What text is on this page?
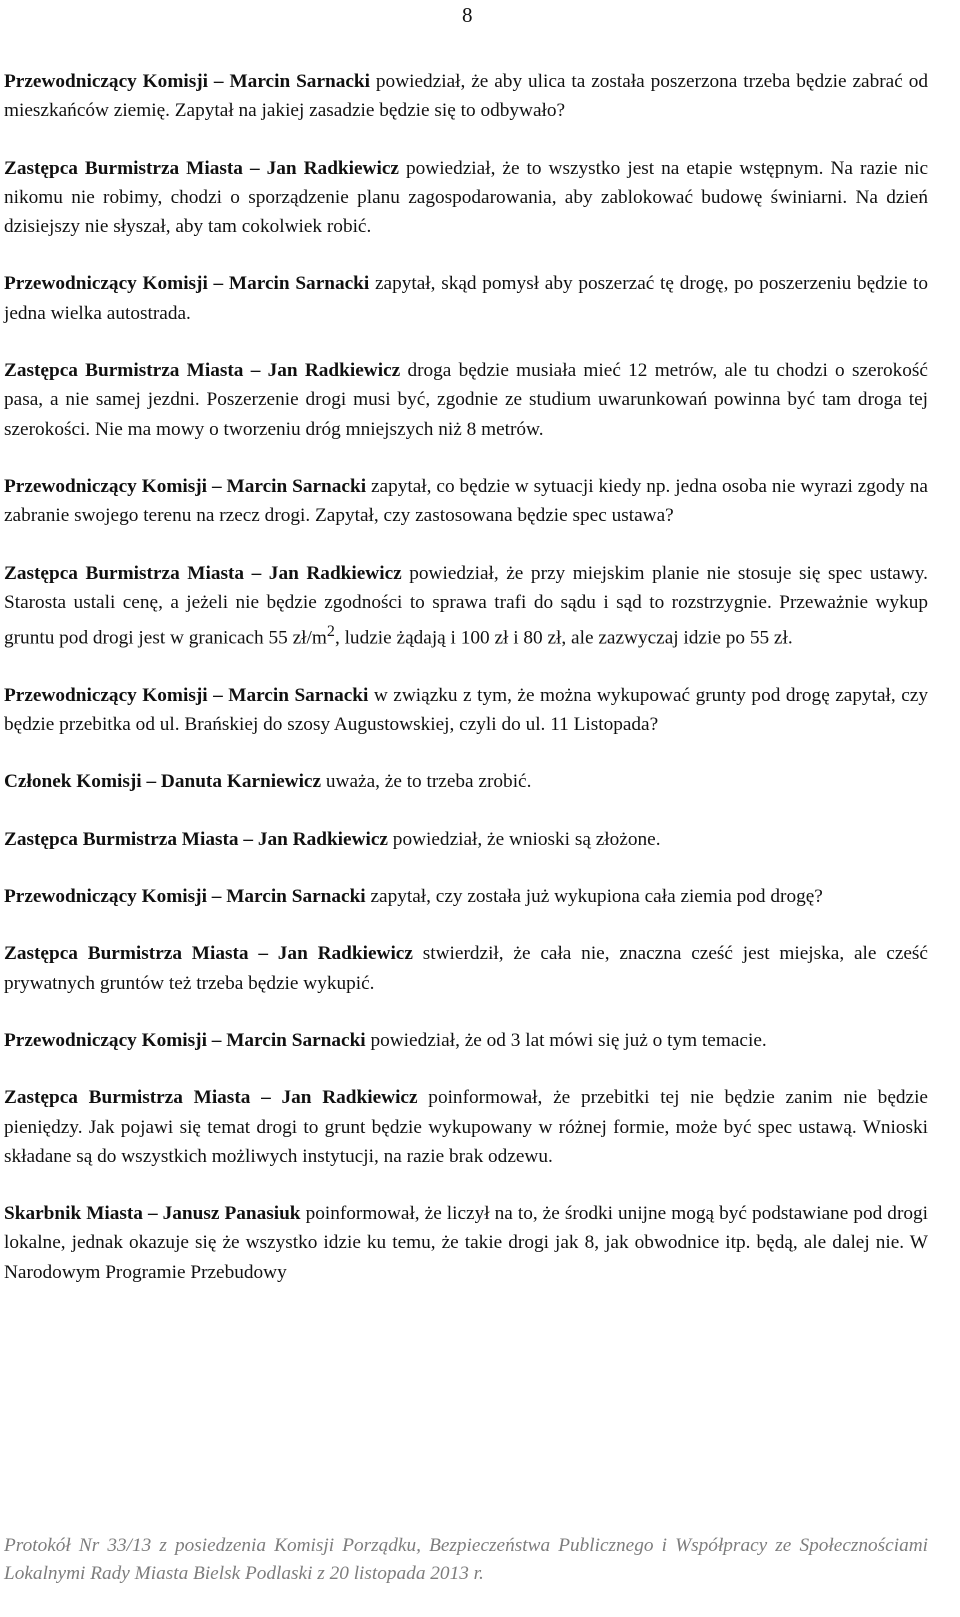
8

Przewodniczący Komisji – Marcin Sarnacki powiedział, że aby ulica ta została poszerzona trzeba będzie zabrać od mieszkańców ziemię. Zapytał na jakiej zasadzie będzie się to odbywało?

Zastępca Burmistrza Miasta – Jan Radkiewicz powiedział, że to wszystko jest na etapie wstępnym. Na razie nic nikomu nie robimy, chodzi o sporządzenie planu zagospodarowania, aby zablokować budowę świniarni. Na dzień dzisiejszy nie słyszał, aby tam cokolwiek robić.

Przewodniczący Komisji – Marcin Sarnacki zapytał, skąd pomysł aby poszerzać tę drogę, po poszerzeniu będzie to jedna wielka autostrada.

Zastępca Burmistrza Miasta – Jan Radkiewicz droga będzie musiała mieć 12 metrów, ale tu chodzi o szerokość pasa, a nie samej jezdni. Poszerzenie drogi musi być, zgodnie ze studium uwarunkowań powinna być tam droga tej szerokości. Nie ma mowy o tworzeniu dróg mniejszych niż 8 metrów.

Przewodniczący Komisji – Marcin Sarnacki zapytał, co będzie w sytuacji kiedy np. jedna osoba nie wyrazi zgody na zabranie swojego terenu na rzecz drogi. Zapytał, czy zastosowana będzie spec ustawa?

Zastępca Burmistrza Miasta – Jan Radkiewicz powiedział, że przy miejskim planie nie stosuje się spec ustawy. Starosta ustali cenę, a jeżeli nie będzie zgodności to sprawa trafi do sądu i sąd to rozstrzygnie. Przeważnie wykup gruntu pod drogi jest w granicach 55 $zł/m^2$, ludzie żądają i 100 zł i 80 zł, ale zazwyczaj idzie po 55 zł.

Przewodniczący Komisji – Marcin Sarnacki w związku z tym, że można wykupować grunty pod drogę zapytał, czy będzie przebitka od ul. Brańskiej do szosy Augustowskiej, czyli do ul. 11 Listopada?

Członek Komisji – Danuta Karniewicz uważa, że to trzeba zrobić.

Zastępca Burmistrza Miasta – Jan Radkiewicz powiedział, że wnioski są złożone.

Przewodniczący Komisji – Marcin Sarnacki zapytał, czy została już wykupiona cała ziemia pod drogę?

Zastępca Burmistrza Miasta – Jan Radkiewicz stwierdził, że cała nie, znaczna cześć jest miejska, ale cześć prywatnych gruntów też trzeba będzie wykupić.

Przewodniczący Komisji – Marcin Sarnacki powiedział, że od 3 lat mówi się już o tym temacie.

Zastępca Burmistrza Miasta – Jan Radkiewicz poinformował, że przebitki tej nie będzie zanim nie będzie pieniędzy. Jak pojawi się temat drogi to grunt będzie wykupowany w różnej formie, może być spec ustawą. Wnioski składane są do wszystkich możliwych instytucji, na razie brak odzewu.

Skarbnik Miasta – Janusz Panasiuk poinformował, że liczył na to, że środki unijne mogą być podstawiane pod drogi lokalne, jednak okazuje się że wszystko idzie ku temu, że takie drogi jak 8, jak obwodnice itp. będą, ale dalej nie. W Narodowym Programie Przebudowy

Protokół Nr 33/13 z posiedzenia Komisji Porządku, Bezpieczeństwa Publicznego i Współpracy ze Społecznościami Lokalnymi Rady Miasta Bielsk Podlaski z 20 listopada 2013 r.
